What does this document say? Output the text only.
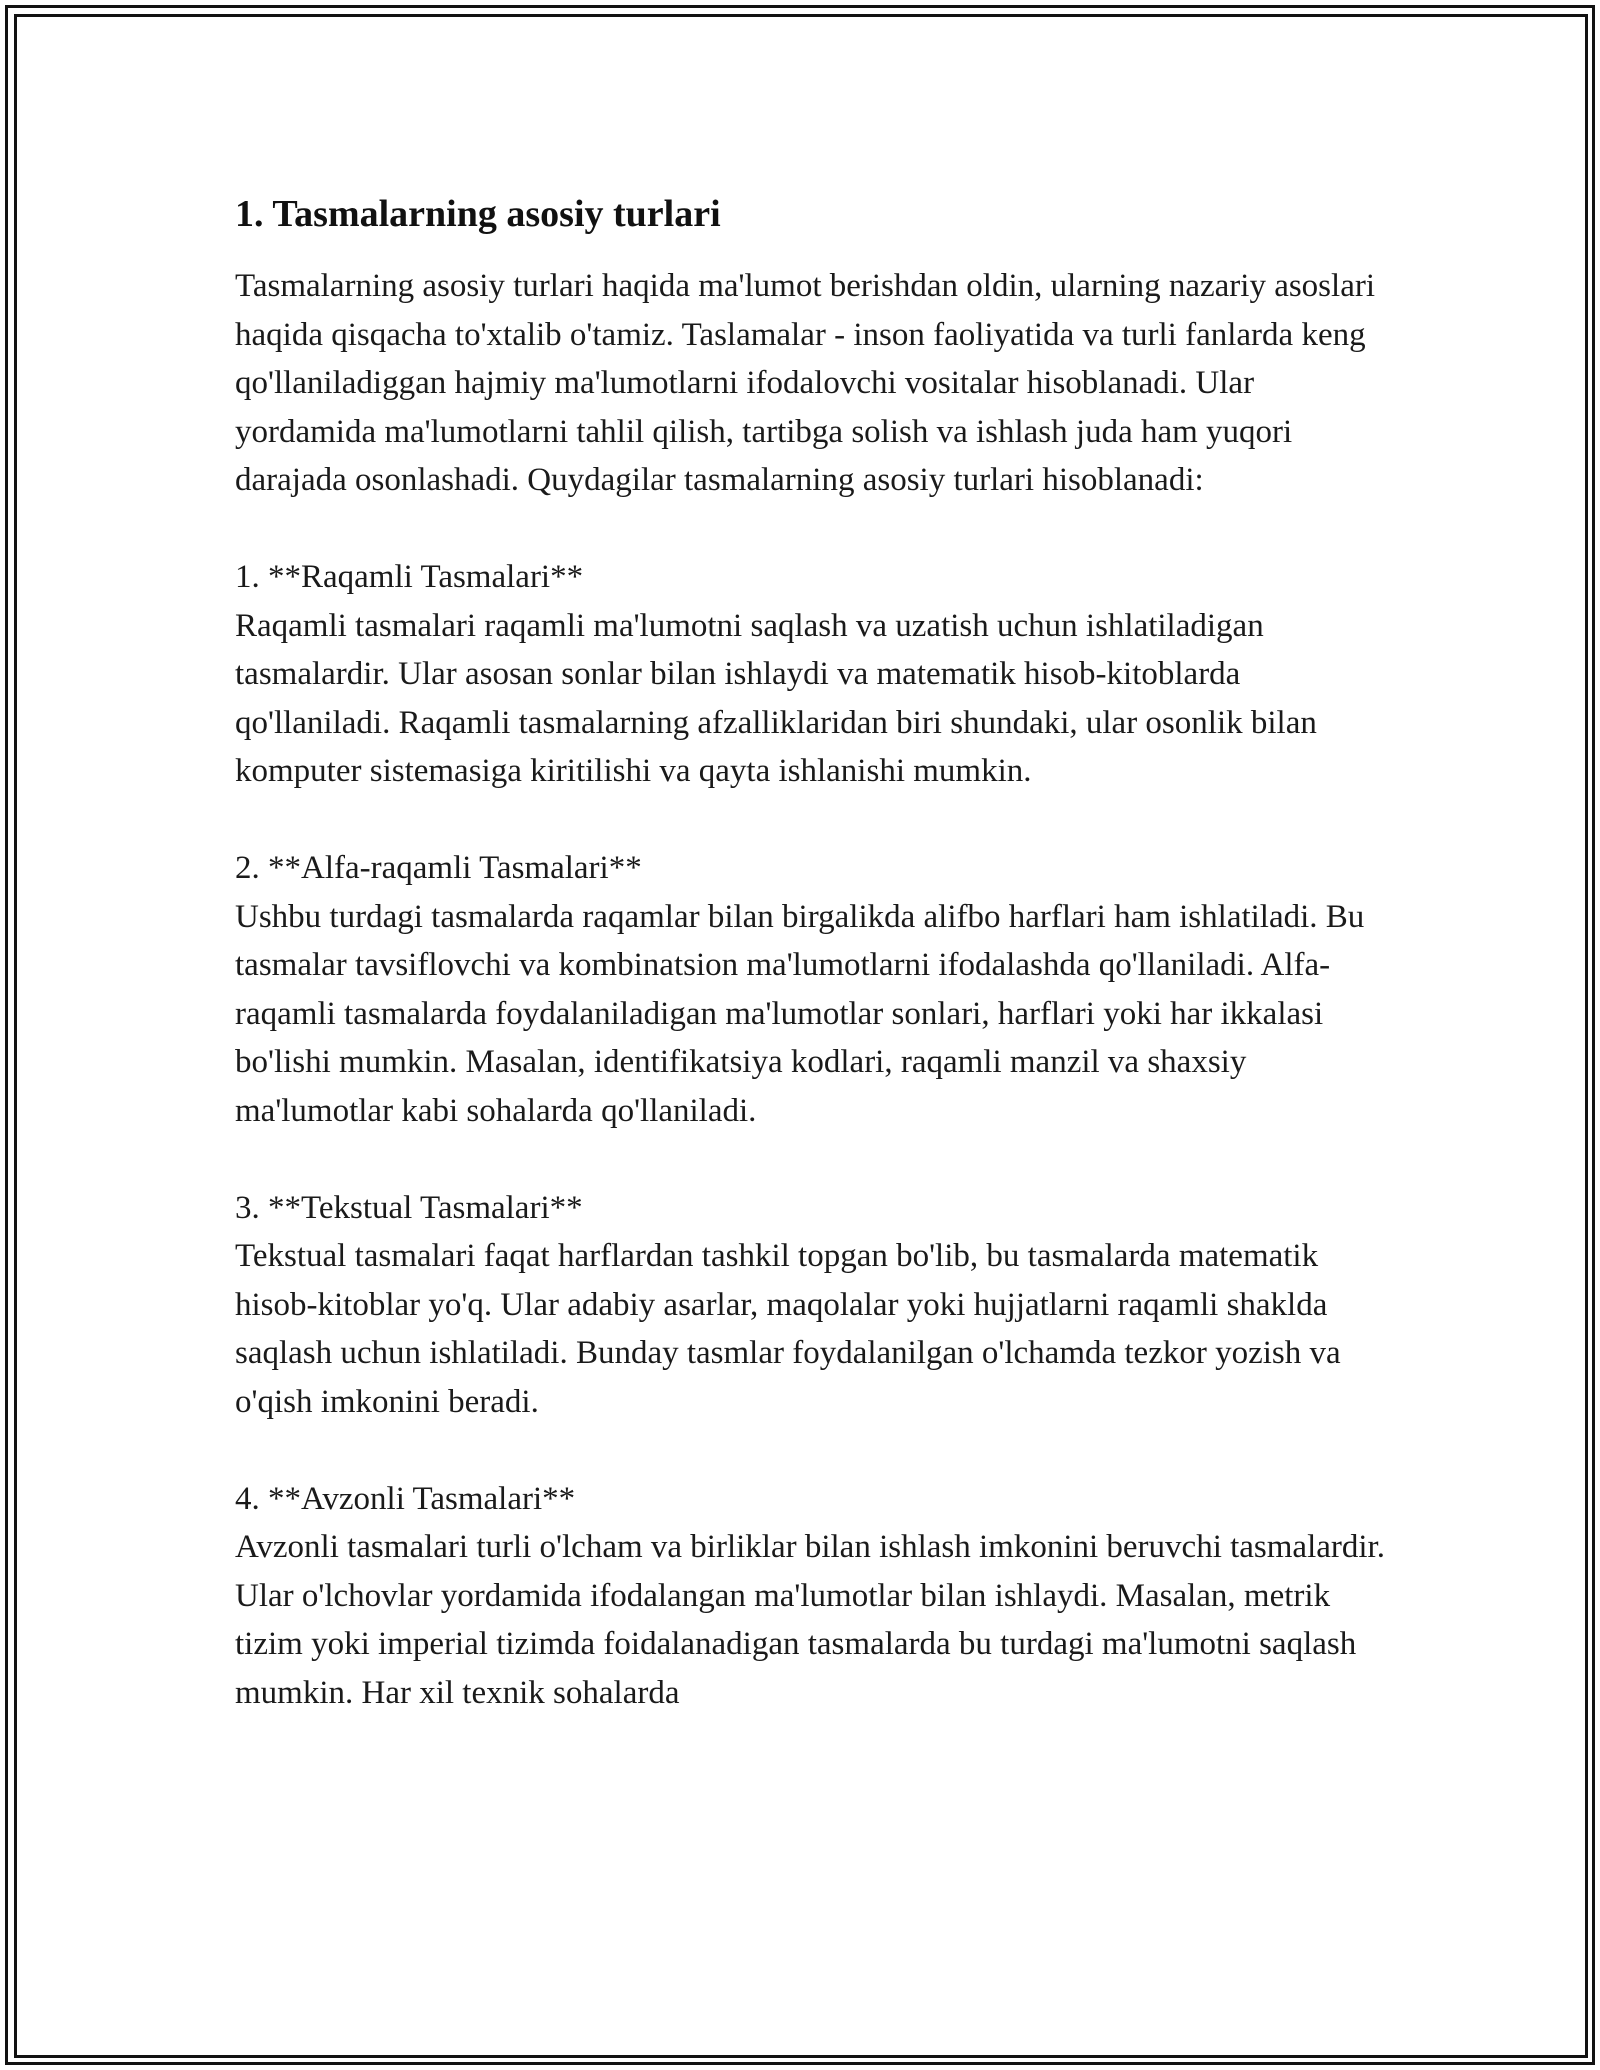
1. Tasmalarning asosiy turlari

Tasmalarning asosiy turlari haqida ma'lumot berishdan oldin, ularning nazariy asoslari haqida qisqacha to'xtalib o'tamiz. Taslamalar - inson faoliyatida va turli fanlarda keng qo'llaniladiggan hajmiy ma'lumotlarni ifodalovchi vositalar hisoblanadi. Ular yordamida ma'lumotlarni tahlil qilish, tartibga solish va ishlash juda ham yuqori darajada osonlashadi. Quydagilar tasmalarning asosiy turlari hisoblanadi:

1. **Raqamli Tasmalari**

Raqamli tasmalari raqamli ma'lumotni saqlash va uzatish uchun ishlatiladigan tasmalardir. Ular asosan sonlar bilan ishlaydi va matematik hisob-kitoblarda qo'llaniladi. Raqamli tasmalarning afzalliklaridan biri shundaki, ular osonlik bilan komputer sistemasiga kiritilishi va qayta ishlanishi mumkin.

2. **Alfa-raqamli Tasmalari**

Ushbu turdagi tasmalarda raqamlar bilan birgalikda alifbo harflari ham ishlatiladi. Bu tasmalar tavsiflovchi va kombinatsion ma'lumotlarni ifodalashda qo'llaniladi. Alfa-raqamli tasmalarda foydalaniladigan ma'lumotlar sonlari, harflari yoki har ikkalasi bo'lishi mumkin. Masalan, identifikatsiya kodlari, raqamli manzil va shaxsiy ma'lumotlar kabi sohalarda qo'llaniladi.

3. **Tekstual Tasmalari**

Tekstual tasmalari faqat harflardan tashkil topgan bo'lib, bu tasmalarda matematik hisob-kitoblar yo'q. Ular adabiy asarlar, maqolalar yoki hujjatlarni raqamli shaklda saqlash uchun ishlatiladi. Bunday tasmlar foydalanilgan o'lchamda tezkor yozish va o'qish imkonini beradi.

4. **Avzonli Tasmalari**

Avzonli tasmalari turli o'lcham va birliklar bilan ishlash imkonini beruvchi tasmalardir. Ular o'lchovlar yordamida ifodalangan ma'lumotlar bilan ishlaydi. Masalan, metrik tizim yoki imperial tizimda foidalanadigan tasmalarda bu turdagi ma'lumotni saqlash mumkin. Har xil texnik sohalarda
